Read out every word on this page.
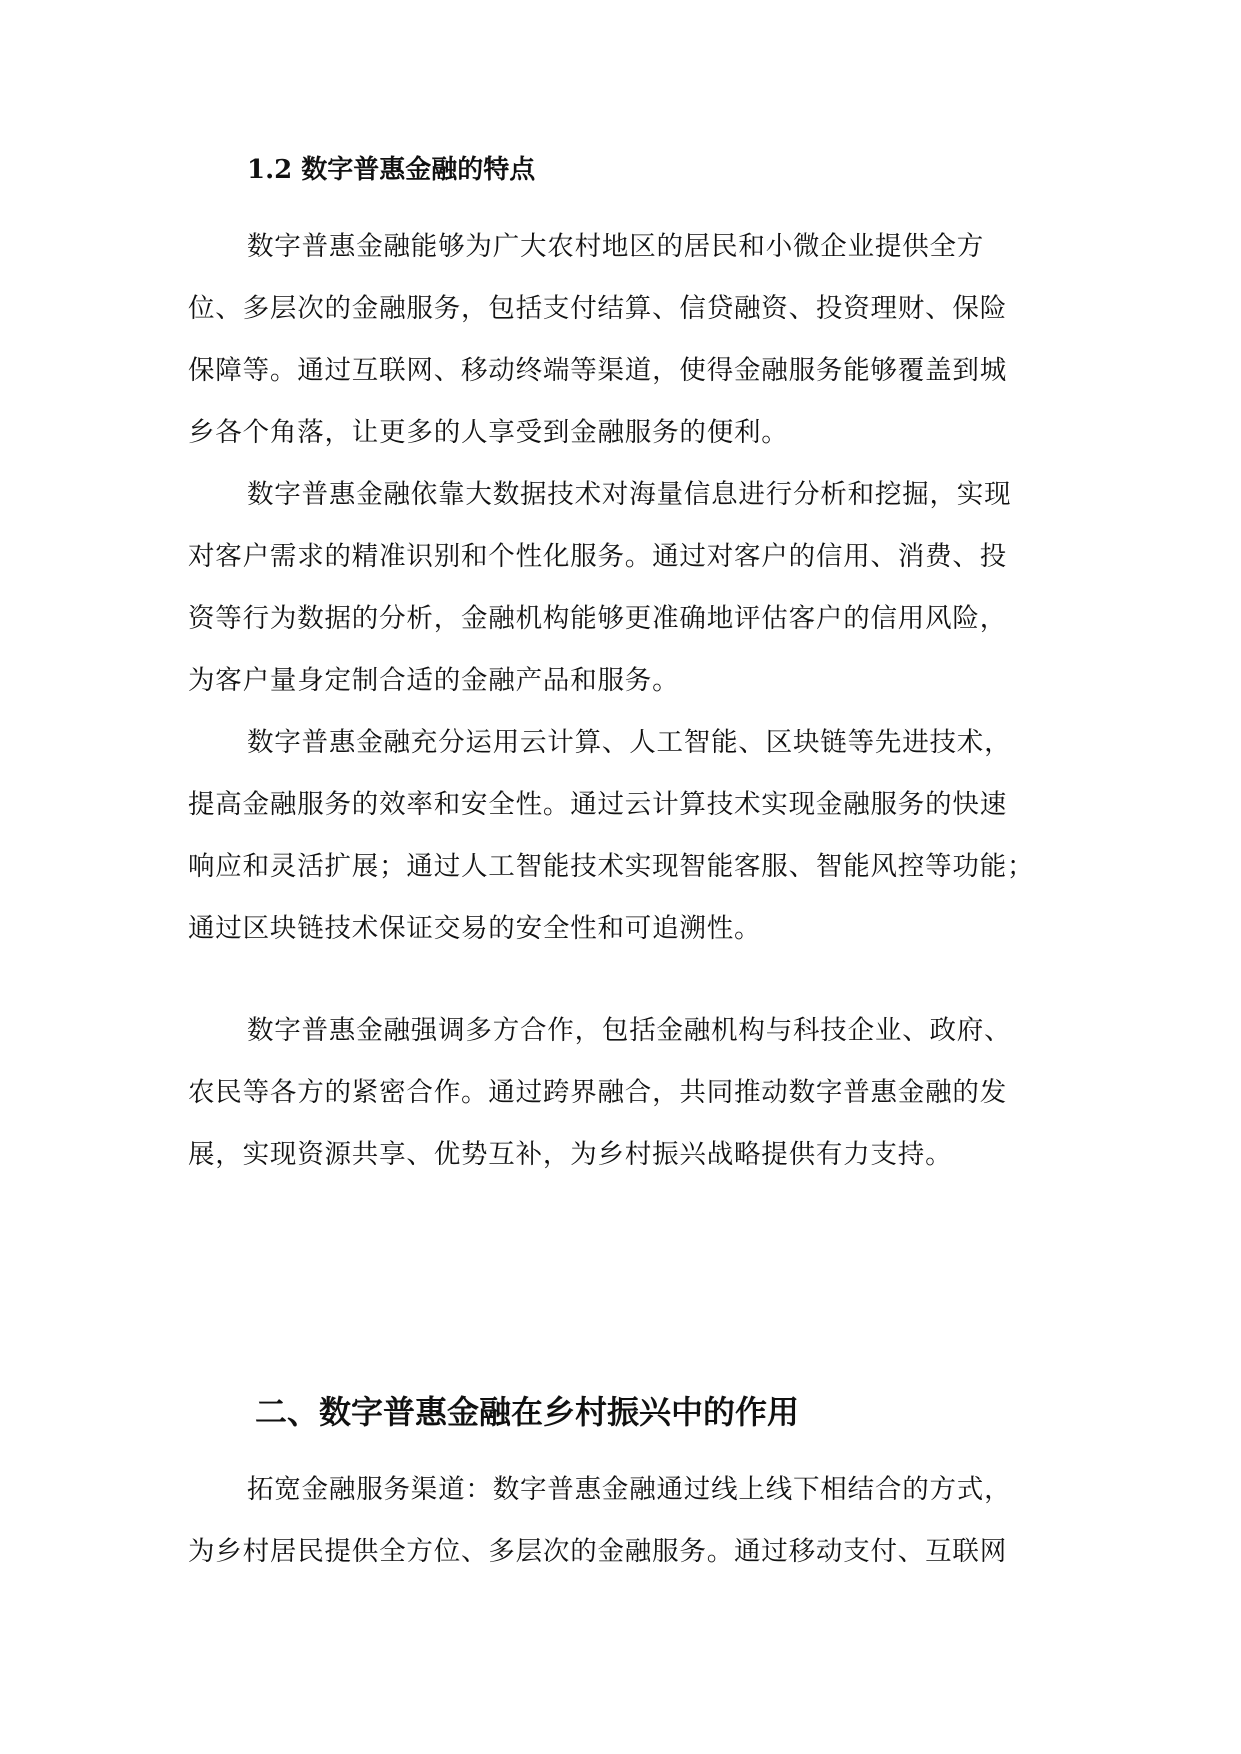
1.2 数字普惠金融的特点

数字普惠金融能够为广大农村地区的居民和小微企业提供全方

位、多层次的金融服务，包括支付结算、信贷融资、投资理财、保险

保障等。通过互联网、移动终端等渠道，使得金融服务能够覆盖到城

乡各个角落，让更多的人享受到金融服务的便利。

数字普惠金融依靠大数据技术对海量信息进行分析和挖掘，实现

对客户需求的精准识别和个性化服务。通过对客户的信用、消费、投

资等行为数据的分析，金融机构能够更准确地评估客户的信用风险，

为客户量身定制合适的金融产品和服务。

数字普惠金融充分运用云计算、人工智能、区块链等先进技术，

提高金融服务的效率和安全性。通过云计算技术实现金融服务的快速

响应和灵活扩展；通过人工智能技术实现智能客服、智能风控等功能；

通过区块链技术保证交易的安全性和可追溯性。

数字普惠金融强调多方合作，包括金融机构与科技企业、政府、

农民等各方的紧密合作。通过跨界融合，共同推动数字普惠金融的发

展，实现资源共享、优势互补，为乡村振兴战略提供有力支持。

二、数字普惠金融在乡村振兴中的作用

拓宽金融服务渠道：数字普惠金融通过线上线下相结合的方式，

为乡村居民提供全方位、多层次的金融服务。通过移动支付、互联网
